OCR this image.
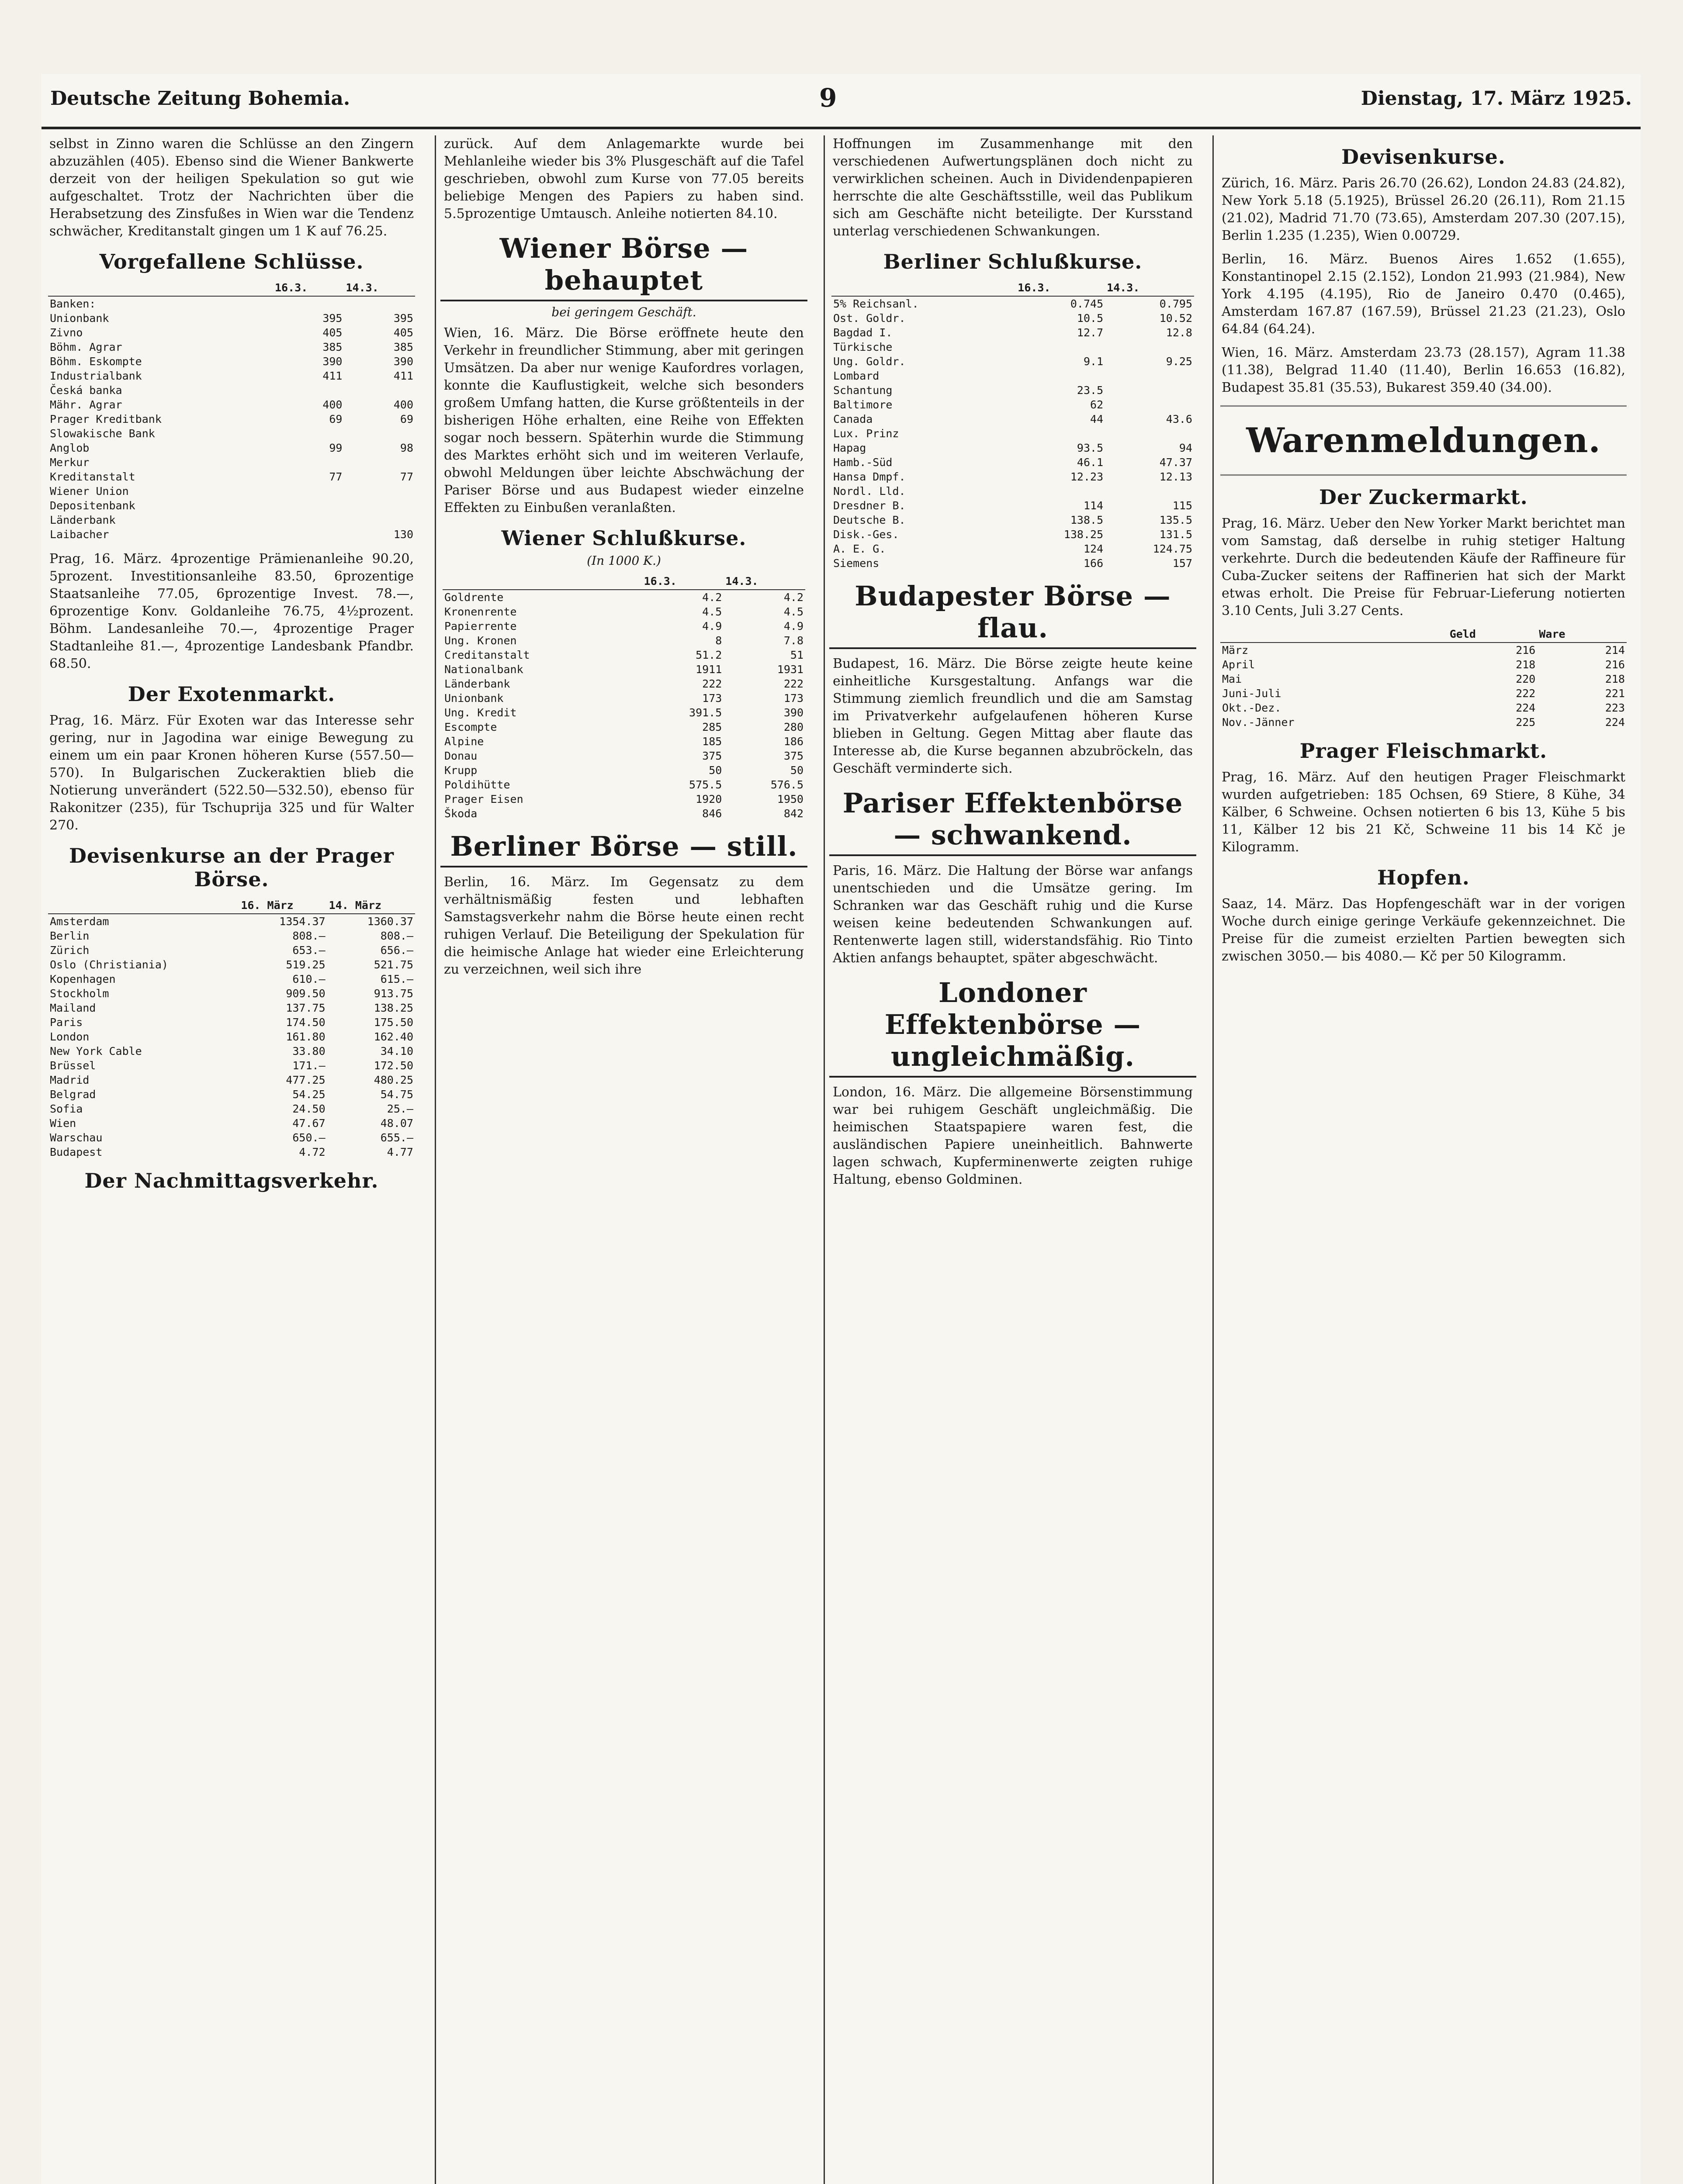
Deutsche Zeitung Bohemia.	9	Dienstag, 17. März 1925.

selbst in Zinno waren die Schlüsse an den Zingern abzuzählen (405). Ebenso sind die Wiener Bankwerte derzeit von der heiligen Spekulation so gut wie aufgeschaltet. Trotz der Nachrichten über die Herabsetzung des Zinsfußes in Wien war die Tendenz schwächer, Kreditanstalt gingen um 1 K auf 76.25.

Vorgefallene Schlüsse.
	16.3.	14.3.
Banken:		
Unionbank	395	395
Zivno	405	405
Böhm. Agrar	385	385
Böhm. Eskompte	390	390
Industrialbank	411	411
Česká banka		
Mähr. Agrar	400	400
Prager Kreditbank	69	69
Slowakische Bank		
Anglob	99	98
Merkur		
Kreditanstalt	77	77
Wiener Union		
Depositenbank		
Länderbank		
Laibacher		130

Prag, 16. März. 4prozentige Prämienanleihe 90.20, 5prozent. Investitionsanleihe 83.50, 6prozentige Staatsanleihe 77.05, 6prozentige Invest. 78.—, 6prozentige Konv. Goldanleihe 76.75, 4½prozent. Böhm. Landesanleihe 70.—, 4prozentige Prager Stadtanleihe 81.—, 4prozentige Landesbank Pfandbr. 68.50.

Der Exotenmarkt.

Prag, 16. März. Für Exoten war das Interesse sehr gering, nur in Jagodina war einige Bewegung zu einem um ein paar Kronen höheren Kurse (557.50—570). In Bulgarischen Zuckeraktien blieb die Notierung unverändert (522.50—532.50), ebenso für Rakonitzer (235), für Tschuprija 325 und für Walter 270.

Devisenkurse an der Prager Börse.
	16. März	14. März
Amsterdam	1354.37	1360.37
Berlin	808.—	808.—
Zürich	653.—	656.—
Oslo (Christiania)	519.25	521.75
Kopenhagen	610.—	615.—
Stockholm	909.50	913.75
Mailand	137.75	138.25
Paris	174.50	175.50
London	161.80	162.40
New York Cable	33.80	34.10
Brüssel	171.—	172.50
Madrid	477.25	480.25
Belgrad	54.25	54.75
Sofia	24.50	25.—
Wien	47.67	48.07
Warschau	650.—	655.—
Budapest	4.72	4.77
Der Nachmittagsverkehr.

zurück. Auf dem Anlagemarkte wurde bei Mehlanleihe wieder bis 3% Plusgeschäft auf die Tafel geschrieben, obwohl zum Kurse von 77.05 bereits beliebige Mengen des Papiers zu haben sind. 5.5prozentige Umtausch. Anleihe notierten 84.10.

Wiener Börse — behauptet
bei geringem Geschäft.

Wien, 16. März. Die Börse eröffnete heute den Verkehr in freundlicher Stimmung, aber mit geringen Umsätzen. Da aber nur wenige Kaufordres vorlagen, konnte die Kauflustigkeit, welche sich besonders großem Umfang hatten, die Kurse größtenteils in der bisherigen Höhe erhalten, eine Reihe von Effekten sogar noch bessern. Späterhin wurde die Stimmung des Marktes erhöht sich und im weiteren Verlaufe, obwohl Meldungen über leichte Abschwächung der Pariser Börse und aus Budapest wieder einzelne Effekten zu Einbußen veranlaßten.

Wiener Schlußkurse.
(In 1000 K.)
	16.3.	14.3.
Goldrente	4.2	4.2
Kronenrente	4.5	4.5
Papierrente	4.9	4.9
Ung. Kronen	8	7.8
Creditanstalt	51.2	51
Nationalbank	1911	1931
Länderbank	222	222
Unionbank	173	173
Ung. Kredit	391.5	390
Escompte	285	280
Alpine	185	186
Donau	375	375
Krupp	50	50
Poldihütte	575.5	576.5
Prager Eisen	1920	1950
Škoda	846	842
Berliner Börse — still.

Berlin, 16. März. Im Gegensatz zu dem verhältnismäßig festen und lebhaften Samstagsverkehr nahm die Börse heute einen recht ruhigen Verlauf. Die Beteiligung der Spekulation für die heimische Anlage hat wieder eine Erleichterung zu verzeichnen, weil sich ihre

Hoffnungen im Zusammenhange mit den verschiedenen Aufwertungsplänen doch nicht zu verwirklichen scheinen. Auch in Dividendenpapieren herrschte die alte Geschäftsstille, weil das Publikum sich am Geschäfte nicht beteiligte. Der Kursstand unterlag verschiedenen Schwankungen.

Berliner Schlußkurse.
	16.3.	14.3.
5% Reichsanl.	0.745	0.795
Ost. Goldr.	10.5	10.52
Bagdad I.	12.7	12.8
Türkische		
Ung. Goldr.	9.1	9.25
Lombard		
Schantung	23.5	
Baltimore	62	
Canada	44	43.6
Lux. Prinz		
Hapag	93.5	94
Hamb.-Süd	46.1	47.37
Hansa Dmpf.	12.23	12.13
Nordl. Lld.		
Dresdner B.	114	115
Deutsche B.	138.5	135.5
Disk.-Ges.	138.25	131.5
A. E. G.	124	124.75
Siemens	166	157
Budapester Börse — flau.

Budapest, 16. März. Die Börse zeigte heute keine einheitliche Kursgestaltung. Anfangs war die Stimmung ziemlich freundlich und die am Samstag im Privatverkehr aufgelaufenen höheren Kurse blieben in Geltung. Gegen Mittag aber flaute das Interesse ab, die Kurse begannen abzubröckeln, das Geschäft verminderte sich.

Pariser Effektenbörse — schwankend.

Paris, 16. März. Die Haltung der Börse war anfangs unentschieden und die Umsätze gering. Im Schranken war das Geschäft ruhig und die Kurse weisen keine bedeutenden Schwankungen auf. Rentenwerte lagen still, widerstandsfähig. Rio Tinto Aktien anfangs behauptet, später abgeschwächt.

Londoner Effektenbörse — ungleichmäßig.

London, 16. März. Die allgemeine Börsenstimmung war bei ruhigem Geschäft ungleichmäßig. Die heimischen Staatspapiere waren fest, die ausländischen Papiere uneinheitlich. Bahnwerte lagen schwach, Kupferminenwerte zeigten ruhige Haltung, ebenso Goldminen.

Devisenkurse.

Zürich, 16. März. Paris 26.70 (26.62), London 24.83 (24.82), New York 5.18 (5.1925), Brüssel 26.20 (26.11), Rom 21.15 (21.02), Madrid 71.70 (73.65), Amsterdam 207.30 (207.15), Berlin 1.235 (1.235), Wien 0.00729.

Berlin, 16. März. Buenos Aires 1.652 (1.655), Konstantinopel 2.15 (2.152), London 21.993 (21.984), New York 4.195 (4.195), Rio de Janeiro 0.470 (0.465), Amsterdam 167.87 (167.59), Brüssel 21.23 (21.23), Oslo 64.84 (64.24).

Wien, 16. März. Amsterdam 23.73 (28.157), Agram 11.38 (11.38), Belgrad 11.40 (11.40), Berlin 16.653 (16.82), Budapest 35.81 (35.53), Bukarest 359.40 (34.00).

Warenmeldungen.
Der Zuckermarkt.

Prag, 16. März. Ueber den New Yorker Markt berichtet man vom Samstag, daß derselbe in ruhig stetiger Haltung verkehrte. Durch die bedeutenden Käufe der Raffineure für Cuba-Zucker seitens der Raffinerien hat sich der Markt etwas erholt. Die Preise für Februar-Lieferung notierten 3.10 Cents, Juli 3.27 Cents.

	Geld	Ware
März	216	214
April	218	216
Mai	220	218
Juni-Juli	222	221
Okt.-Dez.	224	223
Nov.-Jänner	225	224
Prager Fleischmarkt.

Prag, 16. März. Auf den heutigen Prager Fleischmarkt wurden aufgetrieben: 185 Ochsen, 69 Stiere, 8 Kühe, 34 Kälber, 6 Schweine. Ochsen notierten 6 bis 13, Kühe 5 bis 11, Kälber 12 bis 21 Kč, Schweine 11 bis 14 Kč je Kilogramm.

Hopfen.

Saaz, 14. März. Das Hopfengeschäft war in der vorigen Woche durch einige geringe Verkäufe gekennzeichnet. Die Preise für die zumeist erzielten Partien bewegten sich zwischen 3050.— bis 4080.— Kč per 50 Kilogramm.
